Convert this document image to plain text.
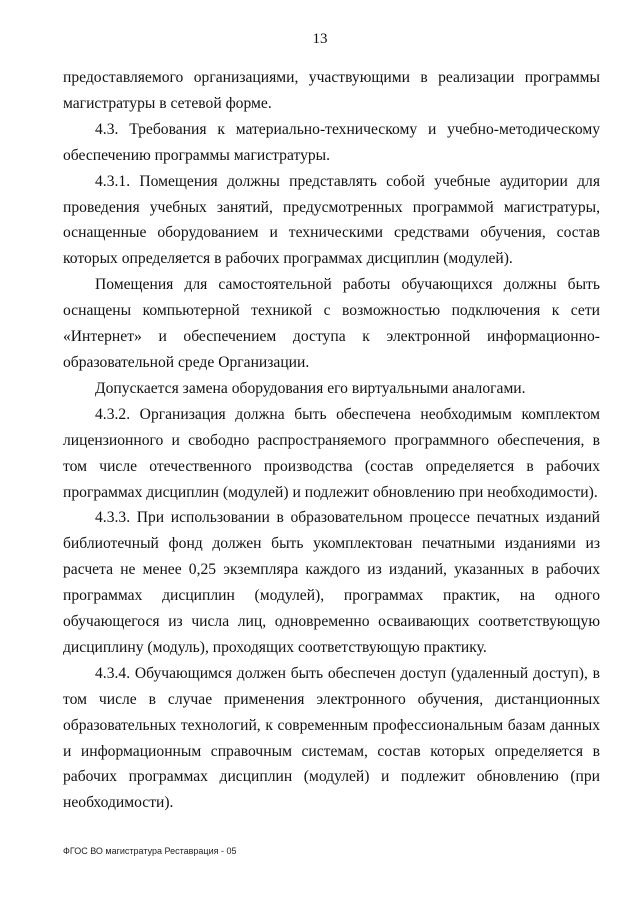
13

предоставляемого организациями, участвующими в реализации программы магистратуры в сетевой форме.

4.3. Требования к материально-техническому и учебно-методическому обеспечению программы магистратуры.

4.3.1. Помещения должны представлять собой учебные аудитории для проведения учебных занятий, предусмотренных программой магистратуры, оснащенные оборудованием и техническими средствами обучения, состав которых определяется в рабочих программах дисциплин (модулей).

Помещения для самостоятельной работы обучающихся должны быть оснащены компьютерной техникой с возможностью подключения к сети «Интернет» и обеспечением доступа к электронной информационно-образовательной среде Организации.

Допускается замена оборудования его виртуальными аналогами.

4.3.2. Организация должна быть обеспечена необходимым комплектом лицензионного и свободно распространяемого программного обеспечения, в том числе отечественного производства (состав определяется в рабочих программах дисциплин (модулей) и подлежит обновлению при необходимости).

4.3.3. При использовании в образовательном процессе печатных изданий библиотечный фонд должен быть укомплектован печатными изданиями из расчета не менее 0,25 экземпляра каждого из изданий, указанных в рабочих программах дисциплин (модулей), программах практик, на одного обучающегося из числа лиц, одновременно осваивающих соответствующую дисциплину (модуль), проходящих соответствующую практику.

4.3.4. Обучающимся должен быть обеспечен доступ (удаленный доступ), в том числе в случае применения электронного обучения, дистанционных образовательных технологий, к современным профессиональным базам данных и информационным справочным системам, состав которых определяется в рабочих программах дисциплин (модулей) и подлежит обновлению (при необходимости).

ФГОС ВО магистратура Реставрация - 05
